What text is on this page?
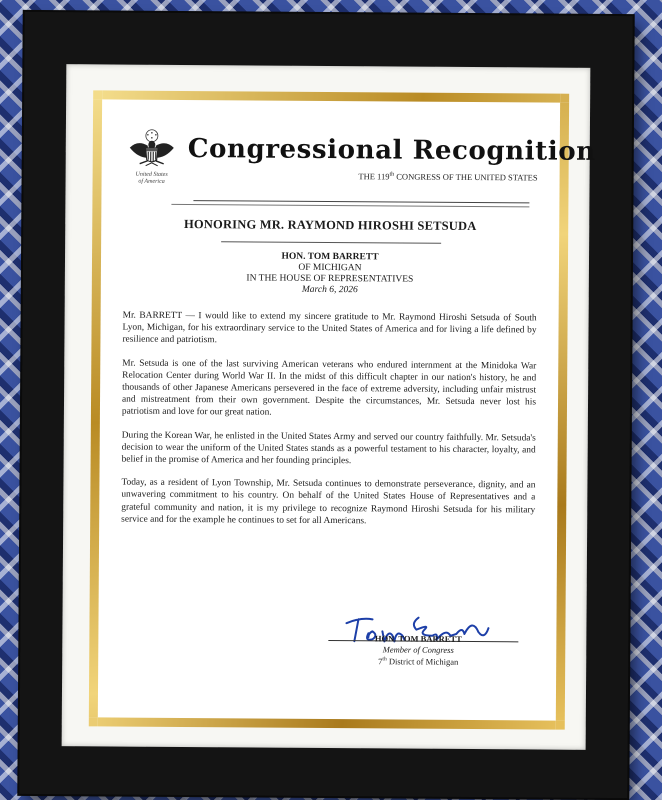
United States
of America
Congressional Recognition
THE 119th CONGRESS OF THE UNITED STATES
HONORING MR. RAYMOND HIROSHI SETSUDA
HON. TOM BARRETT
OF MICHIGAN
IN THE HOUSE OF REPRESENTATIVES
March 6, 2026

Mr. BARRETT — I would like to extend my sincere gratitude to Mr. Raymond Hiroshi Setsuda of South Lyon, Michigan, for his extraordinary service to the United States of America and for living a life defined by resilience and patriotism.

Mr. Setsuda is one of the last surviving American veterans who endured internment at the Minidoka War Relocation Center during World War II. In the midst of this difficult chapter in our nation's history, he and thousands of other Japanese Americans persevered in the face of extreme adversity, including unfair mistrust and mistreatment from their own government. Despite the circumstances, Mr. Setsuda never lost his patriotism and love for our great nation.

During the Korean War, he enlisted in the United States Army and served our country faithfully. Mr. Setsuda's decision to wear the uniform of the United States stands as a powerful testament to his character, loyalty, and belief in the promise of America and her founding principles.

Today, as a resident of Lyon Township, Mr. Setsuda continues to demonstrate perseverance, dignity, and an unwavering commitment to his country. On behalf of the United States House of Representatives and a grateful community and nation, it is my privilege to recognize Raymond Hiroshi Setsuda for his military service and for the example he continues to set for all Americans.

HON. TOM BARRETT
Member of Congress
7th District of Michigan
